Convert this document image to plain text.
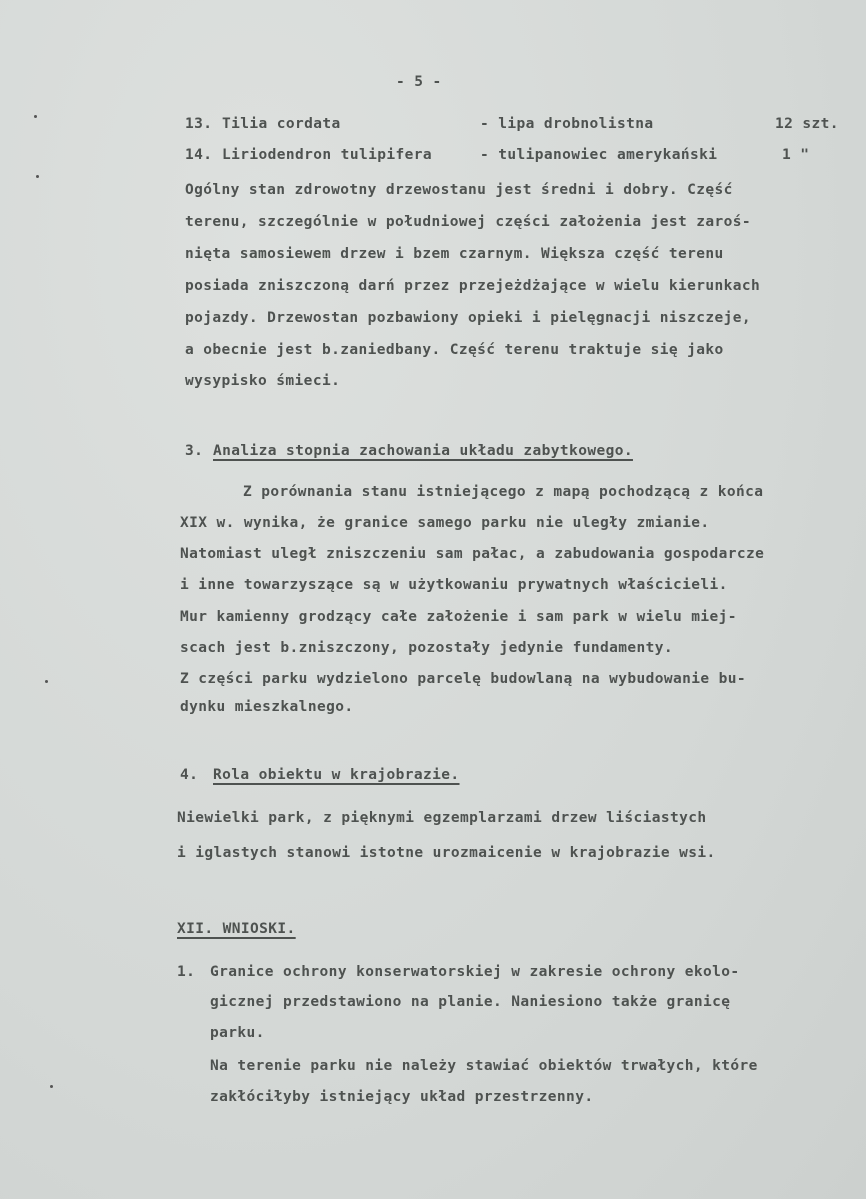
- 5 -
13. Tilia cordata	- lipa drobnolistna	12 szt.
14. Liriodendron tulipifera	- tulipanowiec amerykański	1 "
Ogólny stan zdrowotny drzewostanu jest średni i dobry. Część
terenu, szczególnie w południowej części założenia jest zaroś-
nięta samosiewem drzew i bzem czarnym. Większa część terenu
posiada zniszczoną darń przez przejeżdżające w wielu kierunkach
pojazdy. Drzewostan pozbawiony opieki i pielęgnacji niszczeje,
a obecnie jest b.zaniedbany. Część terenu traktuje się jako
wysypisko śmieci.
3. Analiza stopnia zachowania układu zabytkowego.
Z porównania stanu istniejącego z mapą pochodzącą z końca
XIX w. wynika, że granice samego parku nie uległy zmianie.
Natomiast uległ zniszczeniu sam pałac, a zabudowania gospodarcze
i inne towarzyszące są w użytkowaniu prywatnych właścicieli.
Mur kamienny grodzący całe założenie i sam park w wielu miej-
scach jest b.zniszczony, pozostały jedynie fundamenty.
Z części parku wydzielono parcelę budowlaną na wybudowanie bu-
dynku mieszkalnego.
4. Rola obiektu w krajobrazie.
Niewielki park, z pięknymi egzemplarzami drzew liściastych
i iglastych stanowi istotne urozmaicenie w krajobrazie wsi.
XII. WNIOSKI.
1. Granice ochrony konserwatorskiej w zakresie ochrony ekolo-
gicznej przedstawiono na planie. Naniesiono także granicę
parku.
Na terenie parku nie należy stawiać obiektów trwałych, które
zakłóciłyby istniejący układ przestrzenny.
